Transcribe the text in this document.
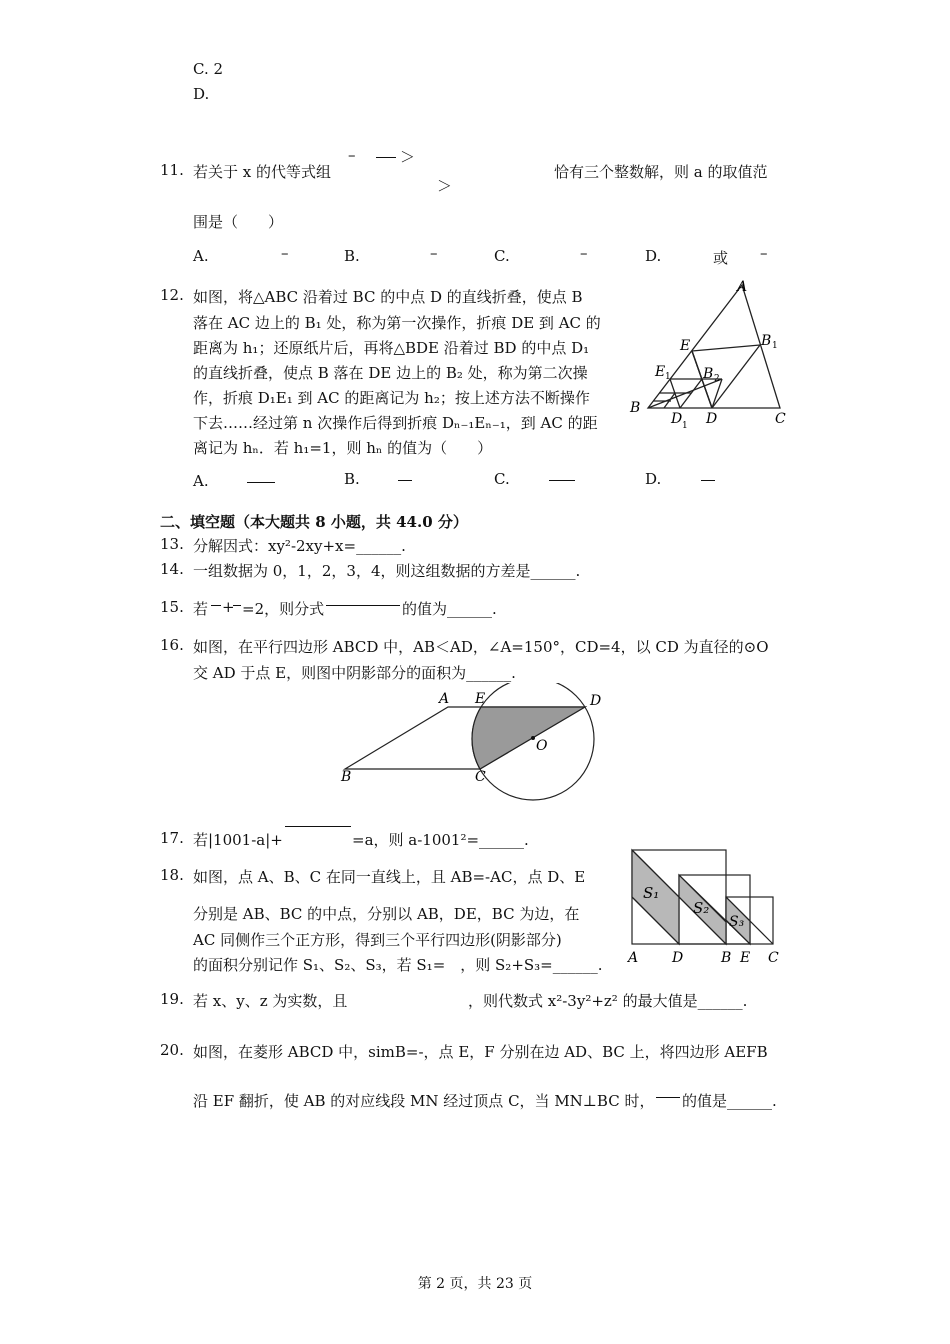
C. 2
D.
11. 若关于 x 的代等式组
–	＞
＞
恰有三个整数解，则 a 的取值范
围是（　　）
A.	–	B.	–	C.	–	D.	或 –
12. 如图，将△ABC 沿着过 BC 的中点 D 的直线折叠，使点 B
落在 AC 边上的 B₁ 处，称为第一次操作，折痕 DE 到 AC 的
距离为 h₁；还原纸片后，再将△BDE 沿着过 BD 的中点 D₁
的直线折叠，使点 B 落在 DE 边上的 B₂ 处，称为第二次操
作，折痕 D₁E₁ 到 AC 的距离记为 h₂；按上述方法不断操作
下去……经过第 n 次操作后得到折痕 Dₙ₋₁Eₙ₋₁，到 AC 的距
离记为 hₙ．若 h₁=1，则 hₙ 的值为（　　）
A
B 1
E
B 2
E 1
B
D 1 D	C
A.	B.	C.	D.
二、填空题（本大题共 8 小题，共 44.0 分）
13. 分解因式：xy²-2xy+x=______.
14. 一组数据为 0，1，2，3，4，则这组数据的方差是______.
15. 若 + =2，则分式	的值为______.
16. 如图，在平行四边形 ABCD 中，AB＜AD，∠A=150°，CD=4，以 CD 为直径的⊙O
交 AD 于点 E，则图中阴影部分的面积为______.
A E	D
O
B	C
17. 若|1001-a|+	=a，则 a-1001²=______.
18. 如图，点 A、B、C 在同一直线上，且 AB=-AC，点 D、E
分别是 AB、BC 的中点，分别以 AB，DE，BC 为边，在
AC 同侧作三个正方形，得到三个平行四边形(阴影部分)
的面积分别记作 S₁、S₂、S₃，若 S₁=　，则 S₂+S₃=______.
S₁
S₂
S₃
A D	B E C
19. 若 x、y、z 为实数，且	，则代数式 x²-3y²+z² 的最大值是______.
20. 如图，在菱形 ABCD 中，simB=-，点 E，F 分别在边 AD、BC 上，将四边形 AEFB
沿 EF 翻折，使 AB 的对应线段 MN 经过顶点 C，当 MN⊥BC 时， 的值是______.
第 2 页，共 23 页
